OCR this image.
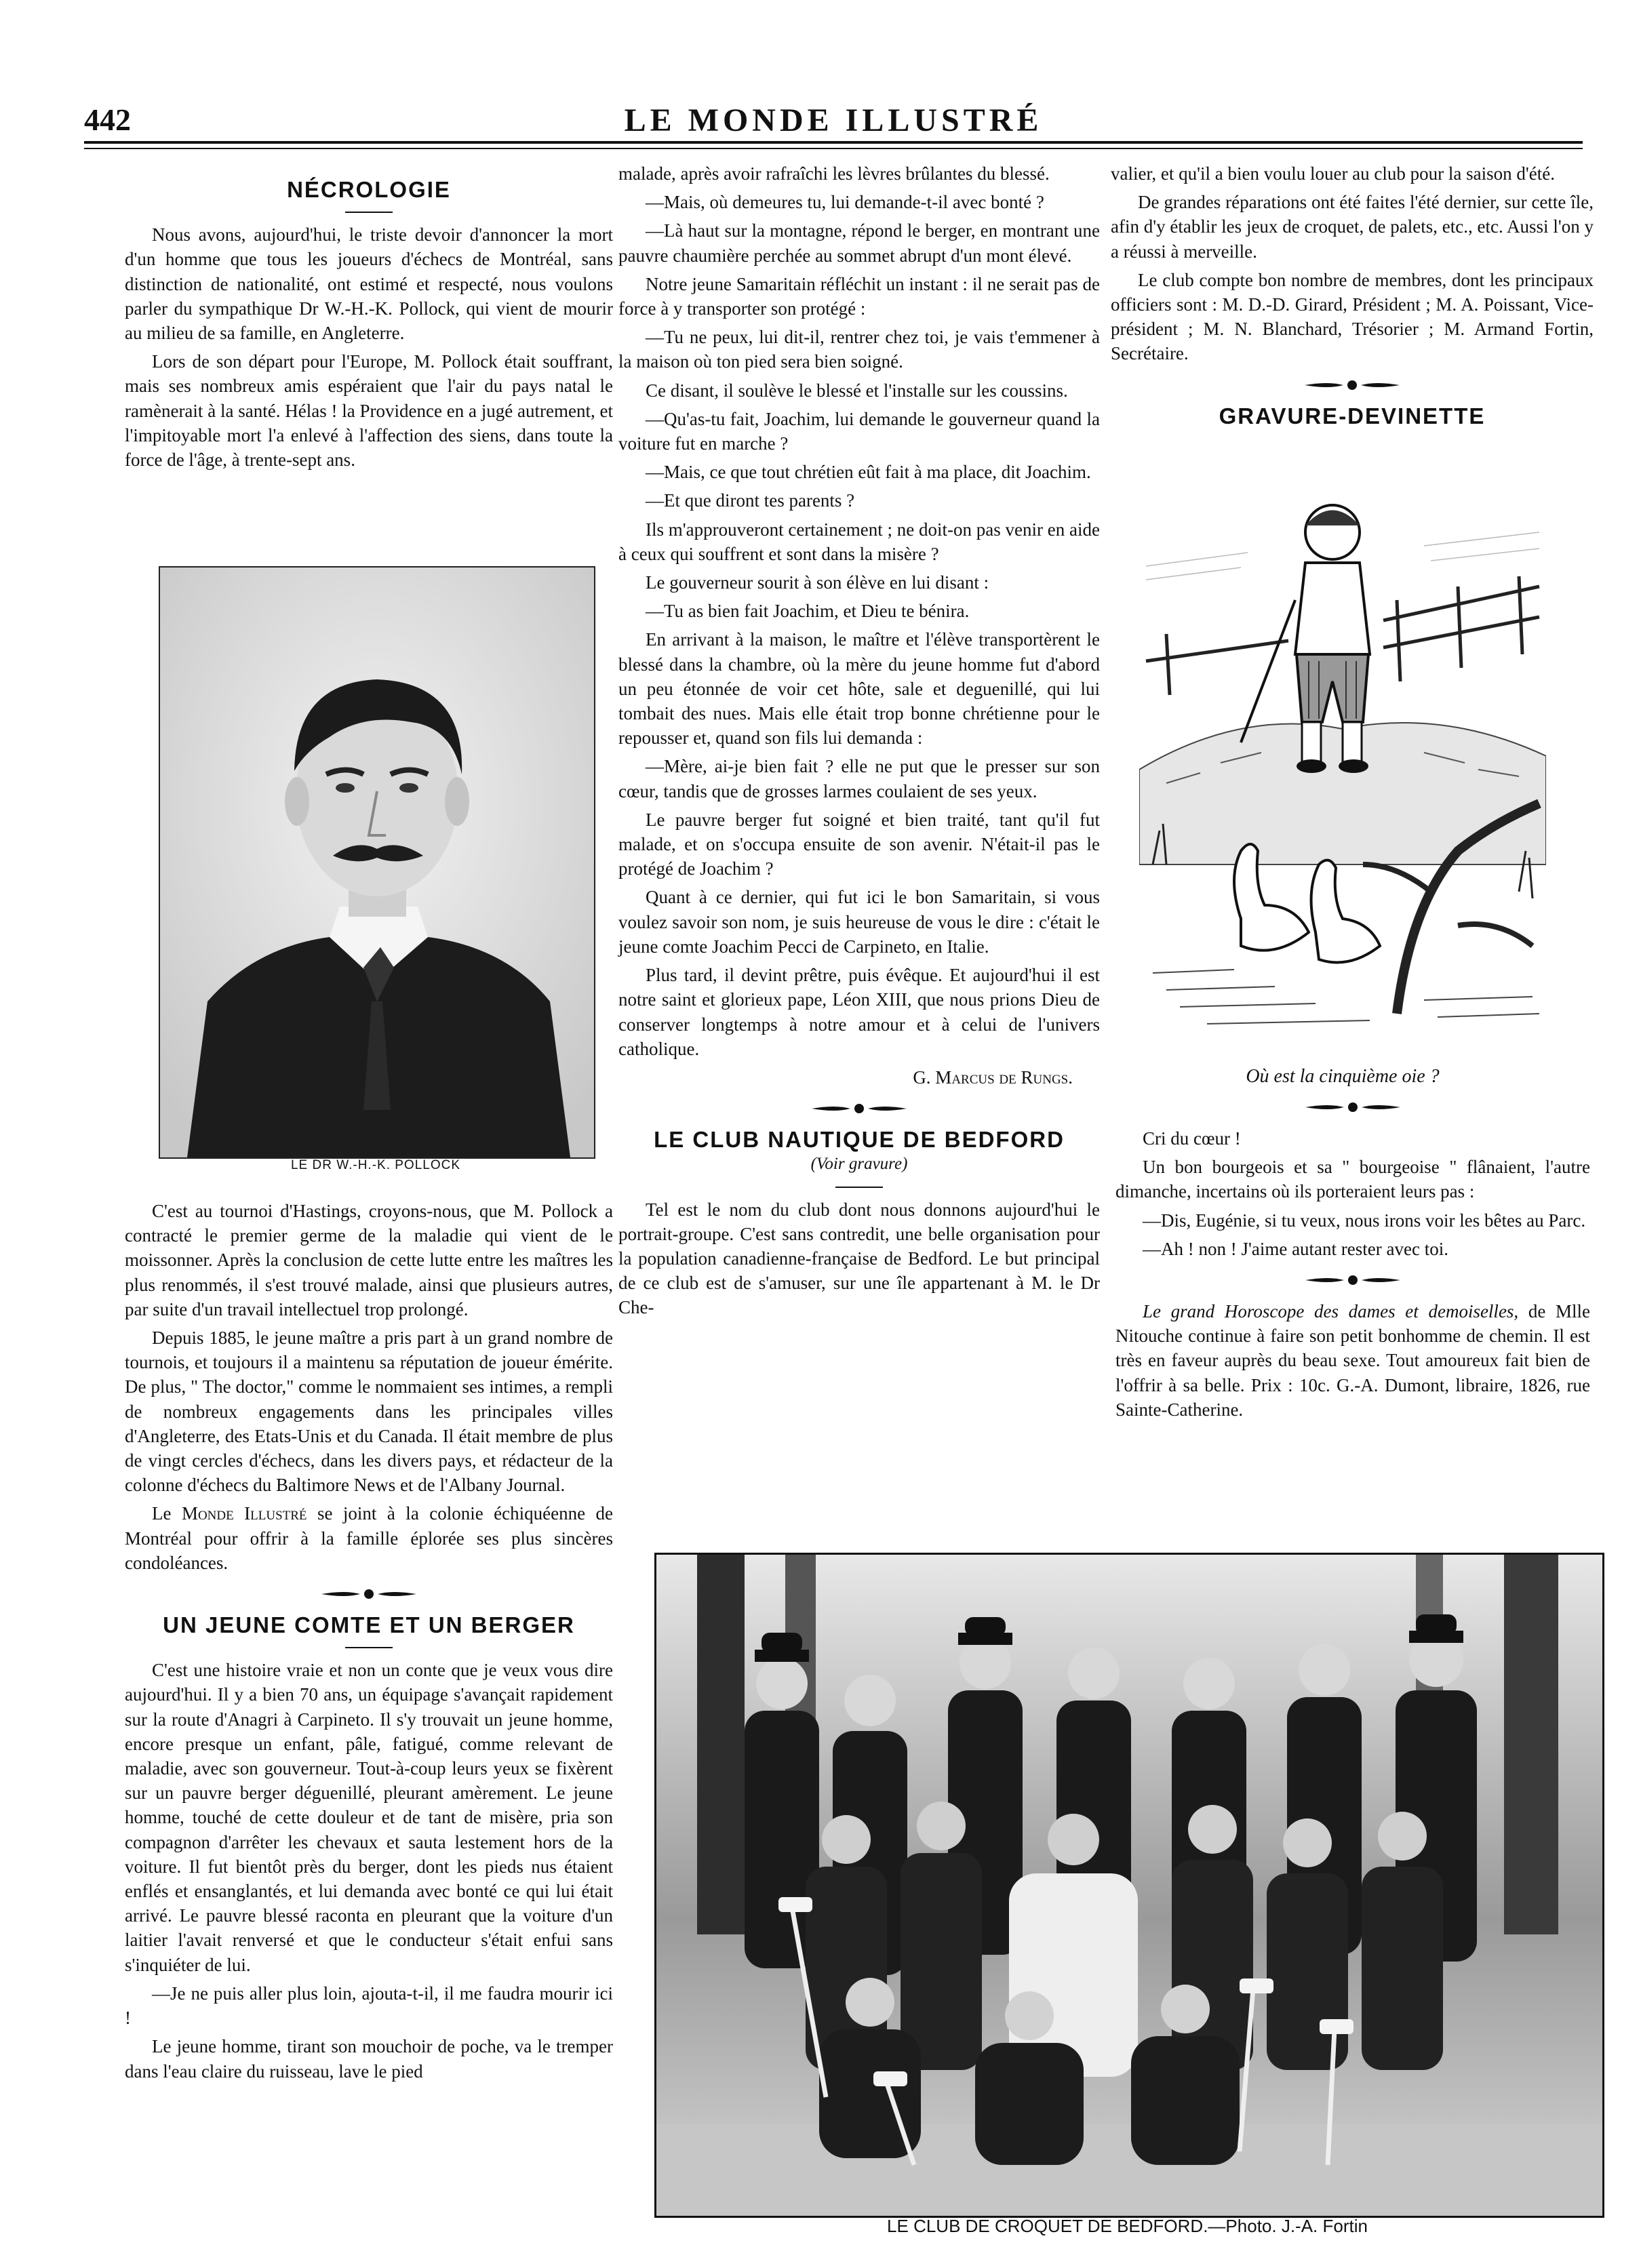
442	LE MONDE ILLUSTRÉ
NÉCROLOGIE

Nous avons, aujourd'hui, le triste devoir d'annoncer la mort d'un homme que tous les joueurs d'échecs de Montréal, sans distinction de nationalité, ont estimé et respecté, nous voulons parler du sympathique Dr W.-H.-K. Pollock, qui vient de mourir au milieu de sa famille, en Angleterre.

Lors de son départ pour l'Europe, M. Pollock était souffrant, mais ses nombreux amis espéraient que l'air du pays natal le ramènerait à la santé. Hélas ! la Providence en a jugé autrement, et l'impitoyable mort l'a enlevé à l'affection des siens, dans toute la force de l'âge, à trente-sept ans.

LE DR W.-H.-K. POLLOCK

C'est au tournoi d'Hastings, croyons-nous, que M. Pollock a contracté le premier germe de la maladie qui vient de le moissonner. Après la conclusion de cette lutte entre les maîtres les plus renommés, il s'est trouvé malade, ainsi que plusieurs autres, par suite d'un travail intellectuel trop prolongé.

Depuis 1885, le jeune maître a pris part à un grand nombre de tournois, et toujours il a maintenu sa réputation de joueur émérite. De plus, " The doctor," comme le nommaient ses intimes, a rempli de nombreux engagements dans les principales villes d'Angleterre, des Etats-Unis et du Canada. Il était membre de plus de vingt cercles d'échecs, dans les divers pays, et rédacteur de la colonne d'échecs du Baltimore News et de l'Albany Journal.

Le Monde Illustré se joint à la colonie échiquéenne de Montréal pour offrir à la famille éplorée ses plus sincères condoléances.

UN JEUNE COMTE ET UN BERGER

C'est une histoire vraie et non un conte que je veux vous dire aujourd'hui. Il y a bien 70 ans, un équipage s'avançait rapidement sur la route d'Anagri à Carpineto. Il s'y trouvait un jeune homme, encore presque un enfant, pâle, fatigué, comme relevant de maladie, avec son gouverneur. Tout-à-coup leurs yeux se fixèrent sur un pauvre berger déguenillé, pleurant amèrement. Le jeune homme, touché de cette douleur et de tant de misère, pria son compagnon d'arrêter les chevaux et sauta lestement hors de la voiture. Il fut bientôt près du berger, dont les pieds nus étaient enflés et ensanglantés, et lui demanda avec bonté ce qui lui était arrivé. Le pauvre blessé raconta en pleurant que la voiture d'un laitier l'avait renversé et que le conducteur s'était enfui sans s'inquiéter de lui.

—Je ne puis aller plus loin, ajouta-t-il, il me faudra mourir ici !

Le jeune homme, tirant son mouchoir de poche, va le tremper dans l'eau claire du ruisseau, lave le pied

malade, après avoir rafraîchi les lèvres brûlantes du blessé.

—Mais, où demeures tu, lui demande-t-il avec bonté ?

—Là haut sur la montagne, répond le berger, en montrant une pauvre chaumière perchée au sommet abrupt d'un mont élevé.

Notre jeune Samaritain réfléchit un instant : il ne serait pas de force à y transporter son protégé :

—Tu ne peux, lui dit-il, rentrer chez toi, je vais t'emmener à la maison où ton pied sera bien soigné.

Ce disant, il soulève le blessé et l'installe sur les coussins.

—Qu'as-tu fait, Joachim, lui demande le gouverneur quand la voiture fut en marche ?

—Mais, ce que tout chrétien eût fait à ma place, dit Joachim.

—Et que diront tes parents ?

Ils m'approuveront certainement ; ne doit-on pas venir en aide à ceux qui souffrent et sont dans la misère ?

Le gouverneur sourit à son élève en lui disant :

—Tu as bien fait Joachim, et Dieu te bénira.

En arrivant à la maison, le maître et l'élève transportèrent le blessé dans la chambre, où la mère du jeune homme fut d'abord un peu étonnée de voir cet hôte, sale et deguenillé, qui lui tombait des nues. Mais elle était trop bonne chrétienne pour le repousser et, quand son fils lui demanda :

—Mère, ai-je bien fait ? elle ne put que le presser sur son cœur, tandis que de grosses larmes coulaient de ses yeux.

Le pauvre berger fut soigné et bien traité, tant qu'il fut malade, et on s'occupa ensuite de son avenir. N'était-il pas le protégé de Joachim ?

Quant à ce dernier, qui fut ici le bon Samaritain, si vous voulez savoir son nom, je suis heureuse de vous le dire : c'était le jeune comte Joachim Pecci de Carpineto, en Italie.

Plus tard, il devint prêtre, puis évêque. Et aujourd'hui il est notre saint et glorieux pape, Léon XIII, que nous prions Dieu de conserver longtemps à notre amour et à celui de l'univers catholique.

G. Marcus de Rungs.
LE CLUB NAUTIQUE DE BEDFORD
(Voir gravure)

Tel est le nom du club dont nous donnons aujourd'hui le portrait-groupe. C'est sans contredit, une belle organisation pour la population canadienne-française de Bedford. Le but principal de ce club est de s'amuser, sur une île appartenant à M. le Dr Che-

valier, et qu'il a bien voulu louer au club pour la saison d'été.

De grandes réparations ont été faites l'été dernier, sur cette île, afin d'y établir les jeux de croquet, de palets, etc., etc. Aussi l'on y a réussi à merveille.

Le club compte bon nombre de membres, dont les principaux officiers sont : M. D.-D. Girard, Président ; M. A. Poissant, Vice-président ; M. N. Blanchard, Trésorier ; M. Armand Fortin, Secrétaire.

GRAVURE-DEVINETTE
Où est la cinquième oie ?

Cri du cœur !

Un bon bourgeois et sa " bourgeoise " flânaient, l'autre dimanche, incertains où ils porteraient leurs pas :

—Dis, Eugénie, si tu veux, nous irons voir les bêtes au Parc.

—Ah ! non ! J'aime autant rester avec toi.

Le grand Horoscope des dames et demoiselles, de Mlle Nitouche continue à faire son petit bonhomme de chemin. Il est très en faveur auprès du beau sexe. Tout amoureux fait bien de l'offrir à sa belle. Prix : 10c. G.-A. Dumont, libraire, 1826, rue Sainte-Catherine.

LE CLUB DE CROQUET DE BEDFORD.—Photo. J.-A. Fortin
